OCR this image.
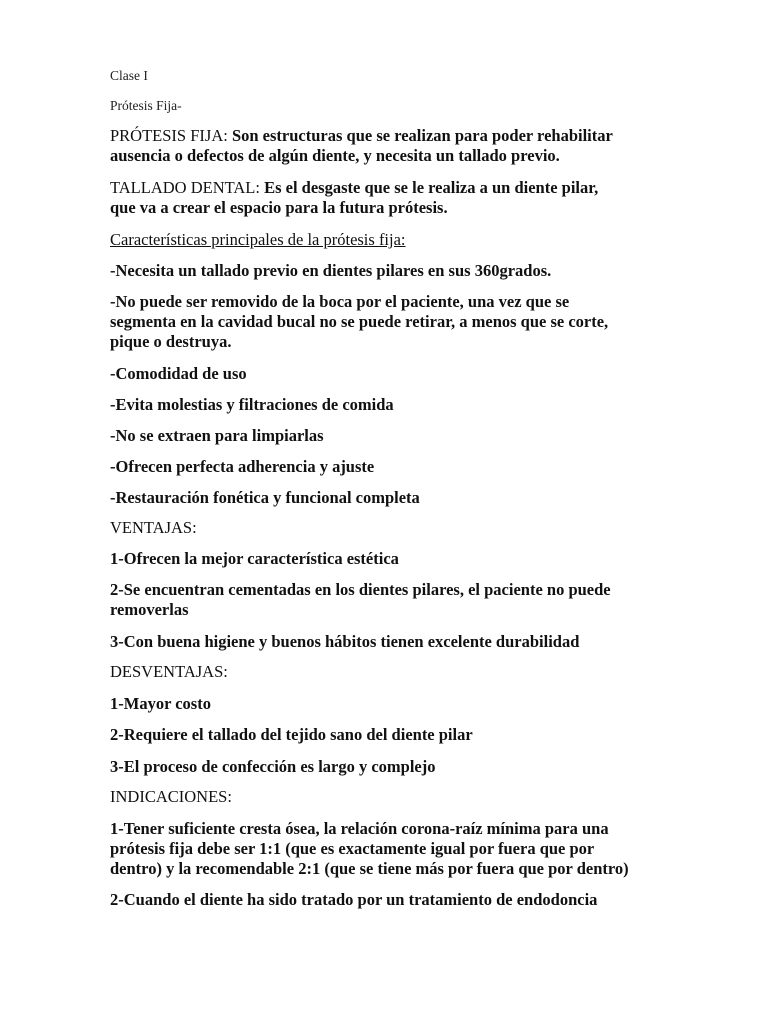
Clase I

Prótesis Fija-

PRÓTESIS FIJA: Son estructuras que se realizan para poder rehabilitar
ausencia o defectos de algún diente, y necesita un tallado previo.
TALLADO DENTAL: Es el desgaste que se le realiza a un diente pilar,
que va a crear el espacio para la futura prótesis.

Características principales de la prótesis fija:

-Necesita un tallado previo en dientes pilares en sus 360grados.
-No puede ser removido de la boca por el paciente, una vez que se
segmenta en la cavidad bucal no se puede retirar, a menos que se corte,
pique o destruya.
-Comodidad de uso
-Evita molestias y filtraciones de comida
-No se extraen para limpiarlas
-Ofrecen perfecta adherencia y ajuste
-Restauración fonética y funcional completa

VENTAJAS:

1-Ofrecen la mejor característica estética
2-Se encuentran cementadas en los dientes pilares, el paciente no puede
removerlas
3-Con buena higiene y buenos hábitos tienen excelente durabilidad

DESVENTAJAS:

1-Mayor costo
2-Requiere el tallado del tejido sano del diente pilar
3-El proceso de confección es largo y complejo

INDICACIONES:

1-Tener suficiente cresta ósea, la relación corona-raíz mínima para una
prótesis fija debe ser 1:1 (que es exactamente igual por fuera que por
dentro) y la recomendable 2:1 (que se tiene más por fuera que por dentro)
2-Cuando el diente ha sido tratado por un tratamiento de endodoncia
